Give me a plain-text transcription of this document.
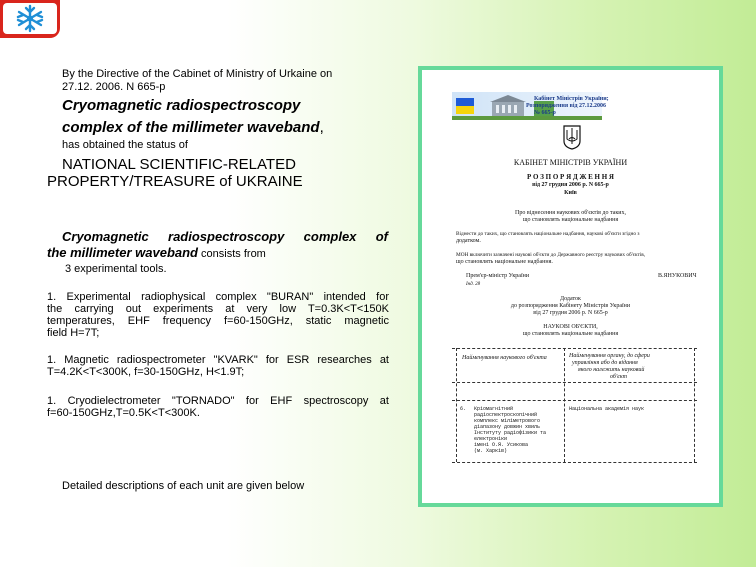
By the Directive of the Cabinet of Ministry of Urkaine on
27.12. 2006. N 665-р
Cryomagnetic radiospectroscopy
complex of the millimeter waveband,
has obtained the status of
NATIONAL SCIENTIFIC-RELATED
PROPERTY/TREASURE of UKRAINE
Cryomagnetic radiospectroscopy complex of
the millimeter waveband consists from
3 experimental tools.
1. Experimental radiophysical complex "BURAN" intended for
the carrying out experiments at very low T=0.3K<T<150K
temperatures, EHF frequency f=60-150GHz, static magnetic
field H=7T;
1. Magnetic radiospectrometer "KVARK" for ESR researches at
T=4.2K<T<300K, f=30-150GHz, H<1.9T;
1. Cryodielectrometer "TORNADO" for EHF spectroscopy at
f=60-150GHz,T=0.5K<T<300K.
Detailed descriptions of each unit are given below
Кабінет Міністрів України;
Розпорядження від 27.12.2006
№ 665-р
КАБІНЕТ МІНІСТРІВ УКРАЇНИ
Р О З П О Р Я Д Ж Е Н Н Я
від 27 грудня 2006 р. N 665-р
Київ
Про віднесення наукових об'єктів до таких,
що становлять національне надбання
Віднести до таких, що становлять національне надбання, наукові об'єкти згідно з
додатком.
МОН включити зазначені наукові об'єкти до Державного реєстру наукових об'єктів,
що становлять національне надбання.
Прем'єр-міністр України	В.ЯНУКОВИЧ
Інд. 28
Додаток
до розпорядження Кабінету Міністрів України
від 27 грудня 2006 р. N 665-р
НАУКОВІ ОБ'ЄКТИ,
що становлять національне надбання
Найменування наукового об'єкта	Найменування органу, до сфери
управління або до відання
якого належить науковий
об'єкт
6. Кріомагнітний
радіоспектроскопічний
комплекс міліметрового
діапазону довжин хвиль
Інституту радіофізики та
електроніки
імені О.Я. Усикова
(м. Харків)
Національна академія наук
